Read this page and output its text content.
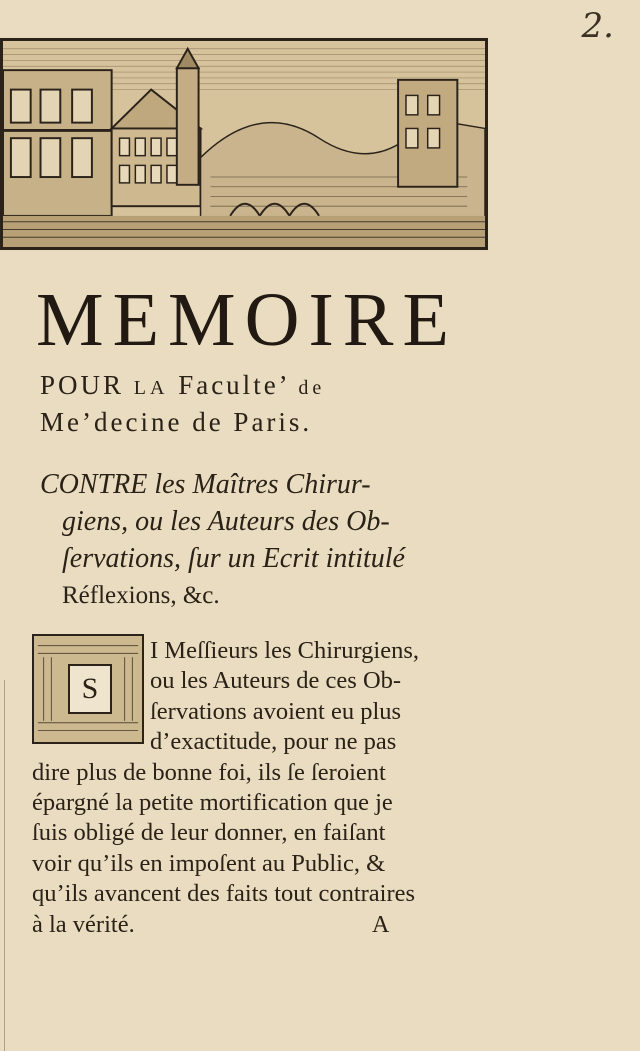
2.
MEMOIRE

POUR LA Faculte’ de
Me’decine de Paris.

CONTRE les Maîtres Chirur-
giens, ou les Auteurs des Ob-
ſervations, ſur un Ecrit intitulé
Réflexions, &c.

S

I Meſſieurs les Chirurgiens,
ou les Auteurs de ces Ob-
ſervations avoient eu plus
d’exactitude, pour ne pas
dire plus de bonne foi, ils ſe ſeroient
épargné la petite mortification que je
ſuis obligé de leur donner, en faiſant
voir qu’ils en impoſent au Public, &
qu’ils avancent des faits tout contraires
à la vérité.	A
